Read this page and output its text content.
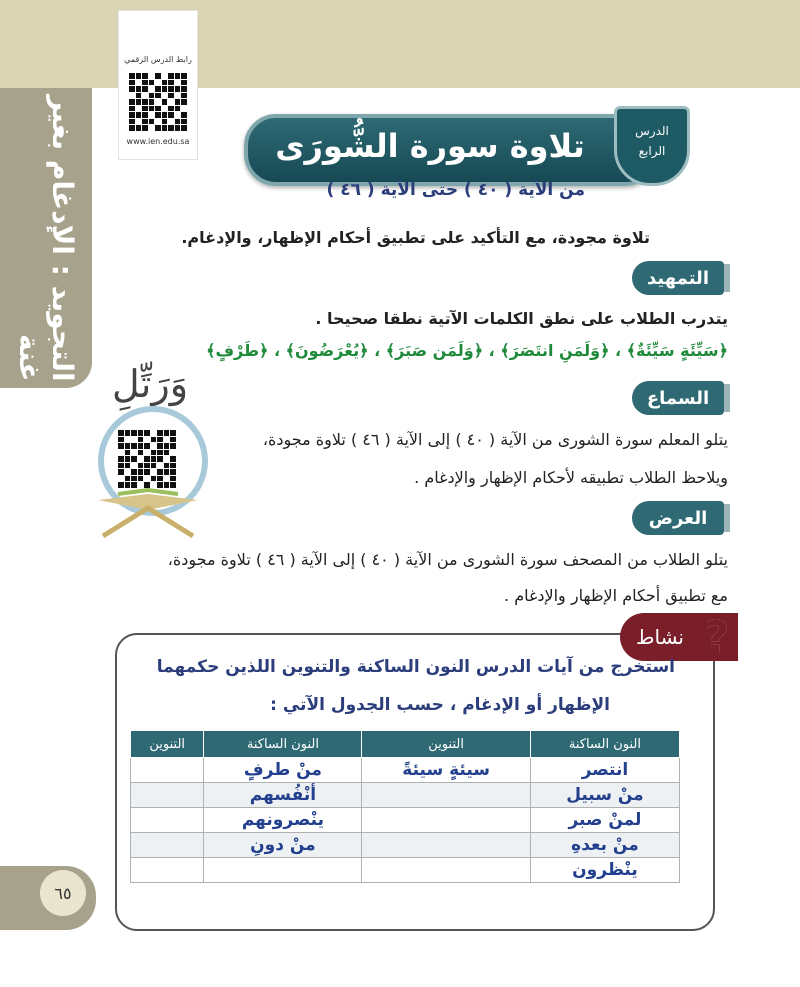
التجويد : الإدغام بغير غنة
رابط الدرس الرقمي
www.ien.edu.sa	تلاوة سورة الشُّورَى	الدرس
الرابع
من الآية ( ٤٠ ) حتى الآية ( ٤٦ )
تلاوة مجودة، مع التأكيد على تطبيق أحكام الإظهار، والإدغام.
التمهيد
يتدرب الطلاب على نطق الكلمات الآتية نطقا صحيحا .
﴿سَيِّئَةٍ سَيِّئَةٌ﴾ ، ﴿وَلَمَنِ انتَصَرَ﴾ ، ﴿وَلَمَن صَبَرَ﴾ ، ﴿يُعْرَضُونَ﴾ ، ﴿طَرْفٍ﴾
السماع
يتلو المعلم سورة الشورى من الآية ( ٤٠ ) إلى الآية ( ٤٦ ) تلاوة مجودة،
ويلاحظ الطلاب تطبيقه لأحكام الإظهار والإدغام .
وَرَتِّلِ
العرض
يتلو الطلاب من المصحف سورة الشورى من الآية ( ٤٠ ) إلى الآية ( ٤٦ ) تلاوة مجودة،
مع تطبيق أحكام الإظهار والإدغام .
نشاط ?
استخرج من آيات الدرس النون الساكنة والتنوين اللذين حكمهما
الإظهار أو الإدغام ، حسب الجدول الآتي :
النون الساكنة	التنوين	النون الساكنة	التنوين
انتصر	سيئةٍ سيئةً	منْ طرفٍ	
منْ سبيل		أنْفُسهم	
لمنْ صبر		ينْصرونهم	
منْ بعدهِ		منْ دونِ	
ينْظرون			
٦٥
